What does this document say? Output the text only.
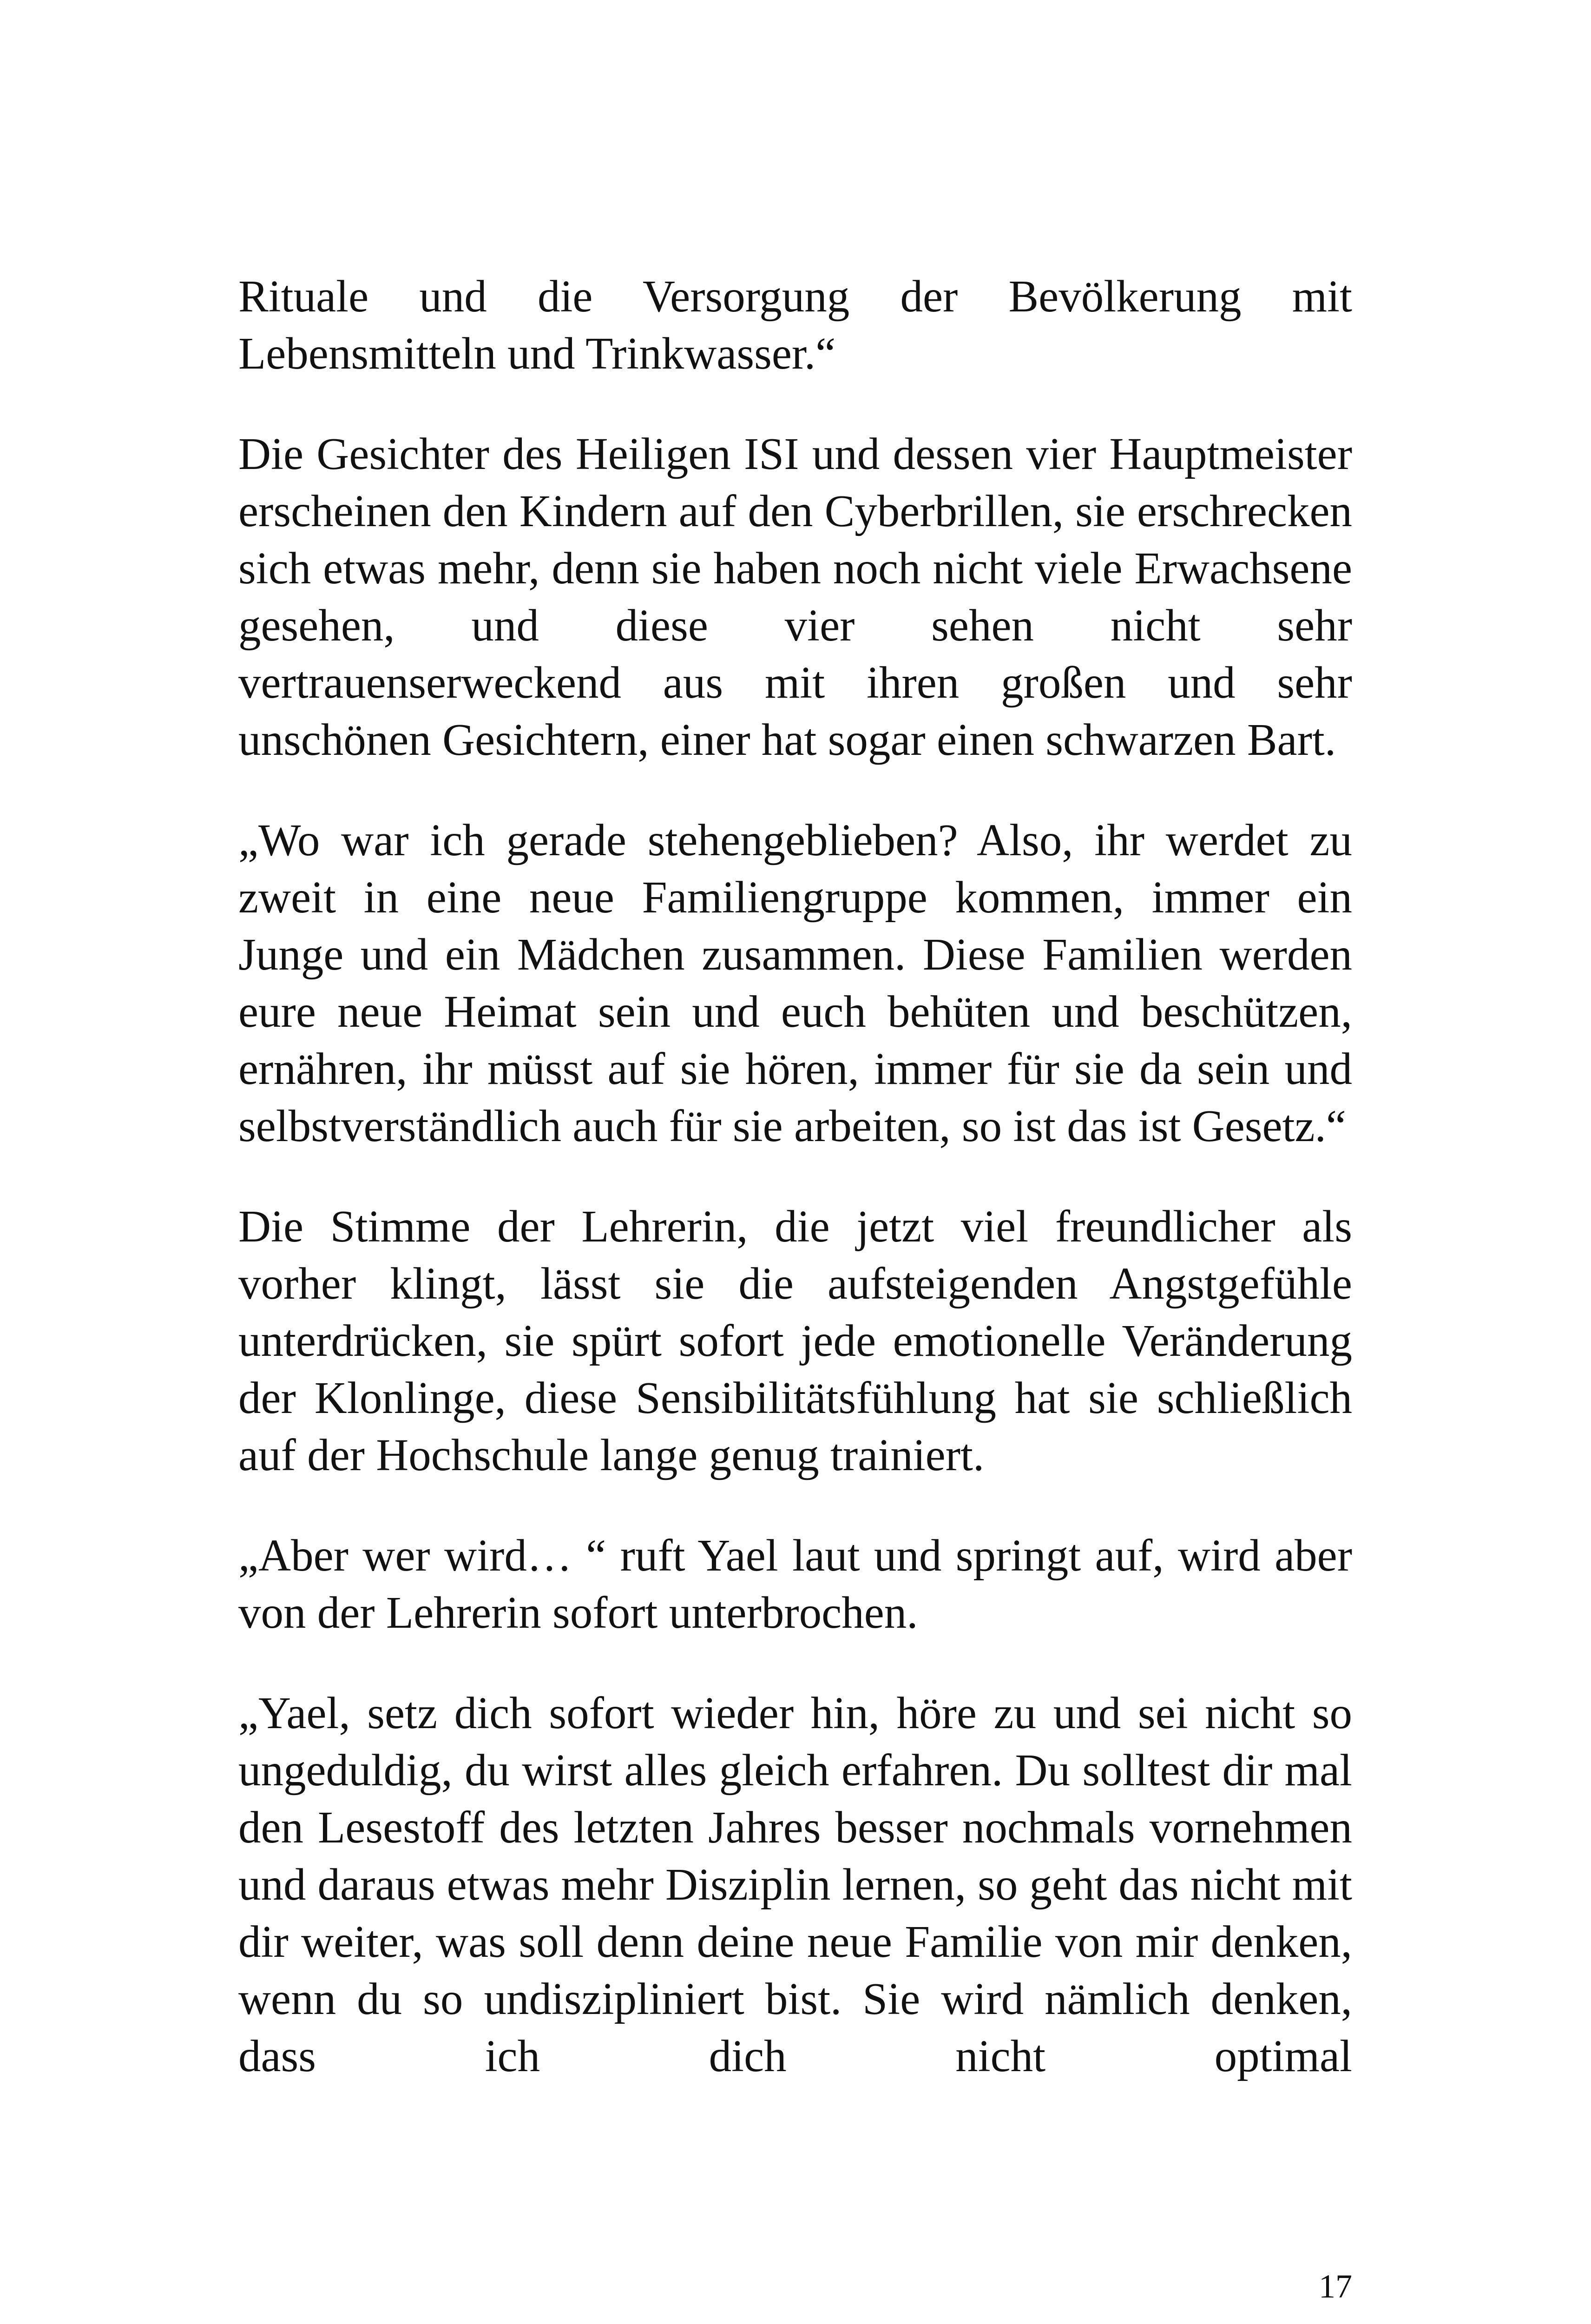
Rituale und die Versorgung der Bevölkerung mit Lebensmitteln und Trinkwasser.“

Die Gesichter des Heiligen ISI und dessen vier Hauptmeister erscheinen den Kindern auf den Cyberbrillen, sie erschrecken sich etwas mehr, denn sie haben noch nicht viele Erwachsene gesehen, und diese vier sehen nicht sehr vertrauenserweckend aus mit ihren großen und sehr unschönen Gesichtern, einer hat sogar einen schwarzen Bart.

„Wo war ich gerade stehengeblieben? Also, ihr werdet zu zweit in eine neue Familiengruppe kommen, immer ein Junge und ein Mädchen zusammen. Diese Familien werden eure neue Heimat sein und euch behüten und beschützen, ernähren, ihr müsst auf sie hören, immer für sie da sein und selbstverständlich auch für sie arbeiten, so ist das ist Gesetz.“

Die Stimme der Lehrerin, die jetzt viel freundlicher als vorher klingt, lässt sie die aufsteigenden Angstgefühle unterdrücken, sie spürt sofort jede emotionelle Veränderung der Klonlinge, diese Sensibilitätsfühlung hat sie schließlich auf der Hochschule lange genug trainiert.

„Aber wer wird… “ ruft Yael laut und springt auf, wird aber von der Lehrerin sofort unterbrochen.

„Yael, setz dich sofort wieder hin, höre zu und sei nicht so ungeduldig, du wirst alles gleich erfahren. Du solltest dir mal den Lesestoff des letzten Jahres besser nochmals vornehmen und daraus etwas mehr Disziplin lernen, so geht das nicht mit dir weiter, was soll denn deine neue Familie von mir denken, wenn du so undiszipliniert bist. Sie wird nämlich denken, dass ich dich nicht optimal

17
